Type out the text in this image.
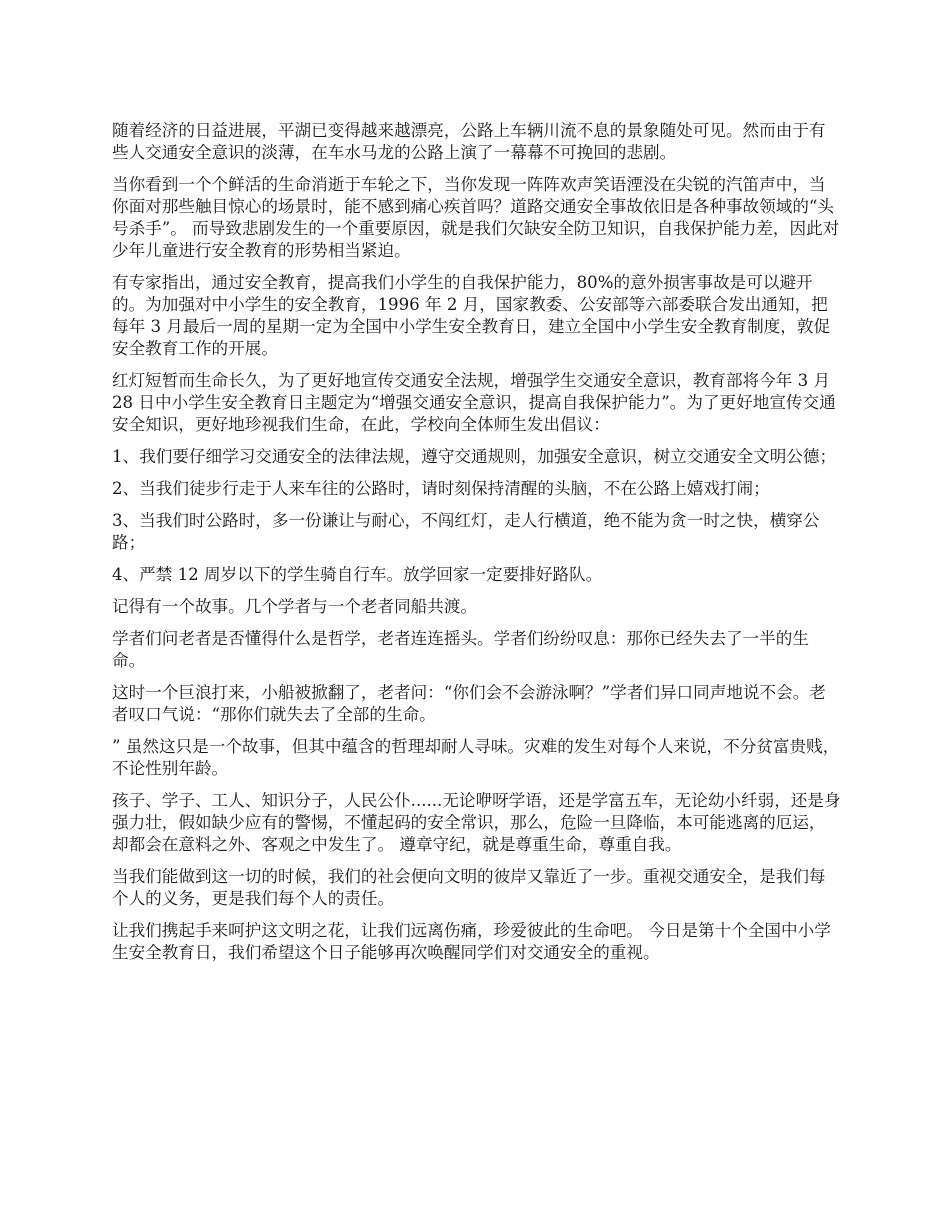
随着经济的日益进展，平湖已变得越来越漂亮，公路上车辆川流不息的景象随处可见。然而由于有些人交通安全意识的淡薄，在车水马龙的公路上演了一幕幕不可挽回的悲剧。

当你看到一个个鲜活的生命消逝于车轮之下，当你发现一阵阵欢声笑语湮没在尖锐的汽笛声中，当你面对那些触目惊心的场景时，能不感到痛心疾首吗？道路交通安全事故依旧是各种事故领域的“头号杀手”。 而导致悲剧发生的一个重要原因，就是我们欠缺安全防卫知识，自我保护能力差，因此对少年儿童进行安全教育的形势相当紧迫。

有专家指出，通过安全教育，提高我们小学生的自我保护能力，80%的意外损害事故是可以避开的。为加强对中小学生的安全教育，1996 年 2 月，国家教委、公安部等六部委联合发出通知，把每年 3 月最后一周的星期一定为全国中小学生安全教育日，建立全国中小学生安全教育制度，敦促安全教育工作的开展。

红灯短暂而生命长久，为了更好地宣传交通安全法规，增强学生交通安全意识，教育部将今年 3 月 28 日中小学生安全教育日主题定为“增强交通安全意识，提高自我保护能力”。为了更好地宣传交通安全知识，更好地珍视我们生命，在此，学校向全体师生发出倡议：

1、我们要仔细学习交通安全的法律法规，遵守交通规则，加强安全意识，树立交通安全文明公德；

2、当我们徒步行走于人来车往的公路时，请时刻保持清醒的头脑，不在公路上嬉戏打闹；

3、当我们时公路时，多一份谦让与耐心，不闯红灯，走人行横道，绝不能为贪一时之快，横穿公路；

4、严禁 12 周岁以下的学生骑自行车。放学回家一定要排好路队。

记得有一个故事。几个学者与一个老者同船共渡。

学者们问老者是否懂得什么是哲学，老者连连摇头。学者们纷纷叹息：那你已经失去了一半的生命。

这时一个巨浪打来，小船被掀翻了，老者问：“你们会不会游泳啊？”学者们异口同声地说不会。老者叹口气说：“那你们就失去了全部的生命。

” 虽然这只是一个故事，但其中蕴含的哲理却耐人寻味。灾难的发生对每个人来说，不分贫富贵贱，不论性别年龄。

孩子、学子、工人、知识分子，人民公仆......无论咿呀学语，还是学富五车，无论幼小纤弱，还是身强力壮，假如缺少应有的警惕，不懂起码的安全常识，那么，危险一旦降临，本可能逃离的厄运，却都会在意料之外、客观之中发生了。 遵章守纪，就是尊重生命，尊重自我。

当我们能做到这一切的时候，我们的社会便向文明的彼岸又靠近了一步。重视交通安全，是我们每个人的义务，更是我们每个人的责任。

让我们携起手来呵护这文明之花，让我们远离伤痛，珍爱彼此的生命吧。 今日是第十个全国中小学生安全教育日，我们希望这个日子能够再次唤醒同学们对交通安全的重视。
